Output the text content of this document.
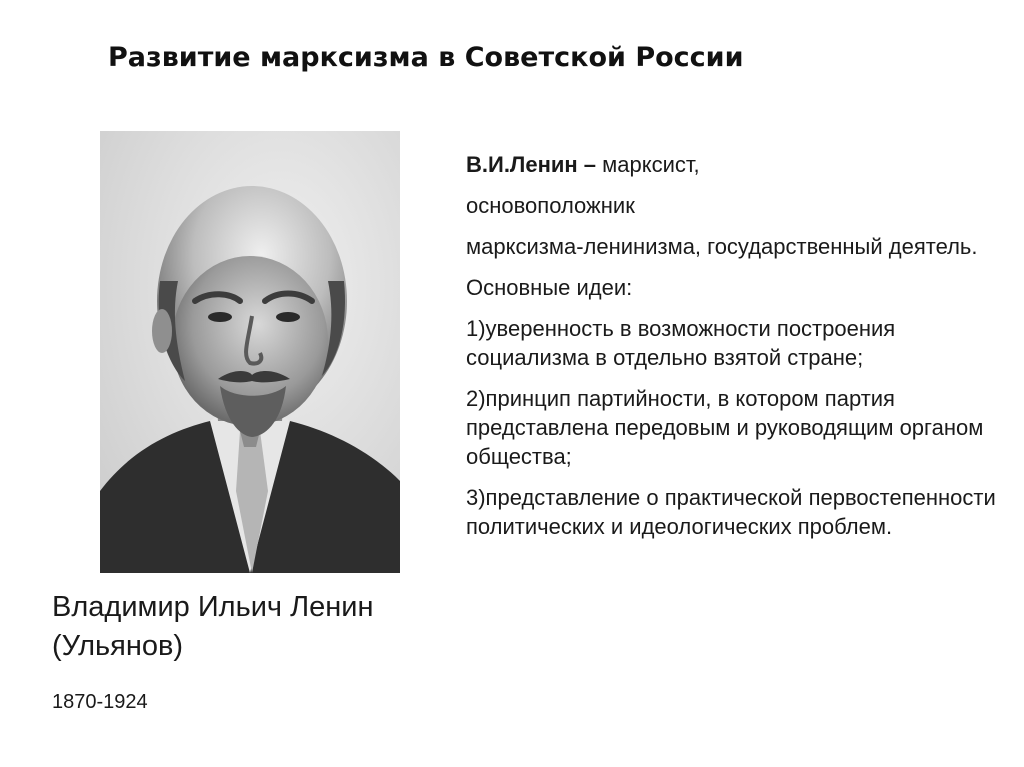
Развитие марксизма в Советской России
Владимир Ильич Ленин
(Ульянов)
1870-1924

В.И.Ленин – марксист,

основоположник

марксизма-ленинизма, государственный деятель.

Основные идеи:

1)уверенность в возможности построения социализма в отдельно взятой стране;

2)принцип партийности, в котором партия представлена передовым и руководящим органом общества;

3)представление о практической первостепенности политических и идеологических проблем.
